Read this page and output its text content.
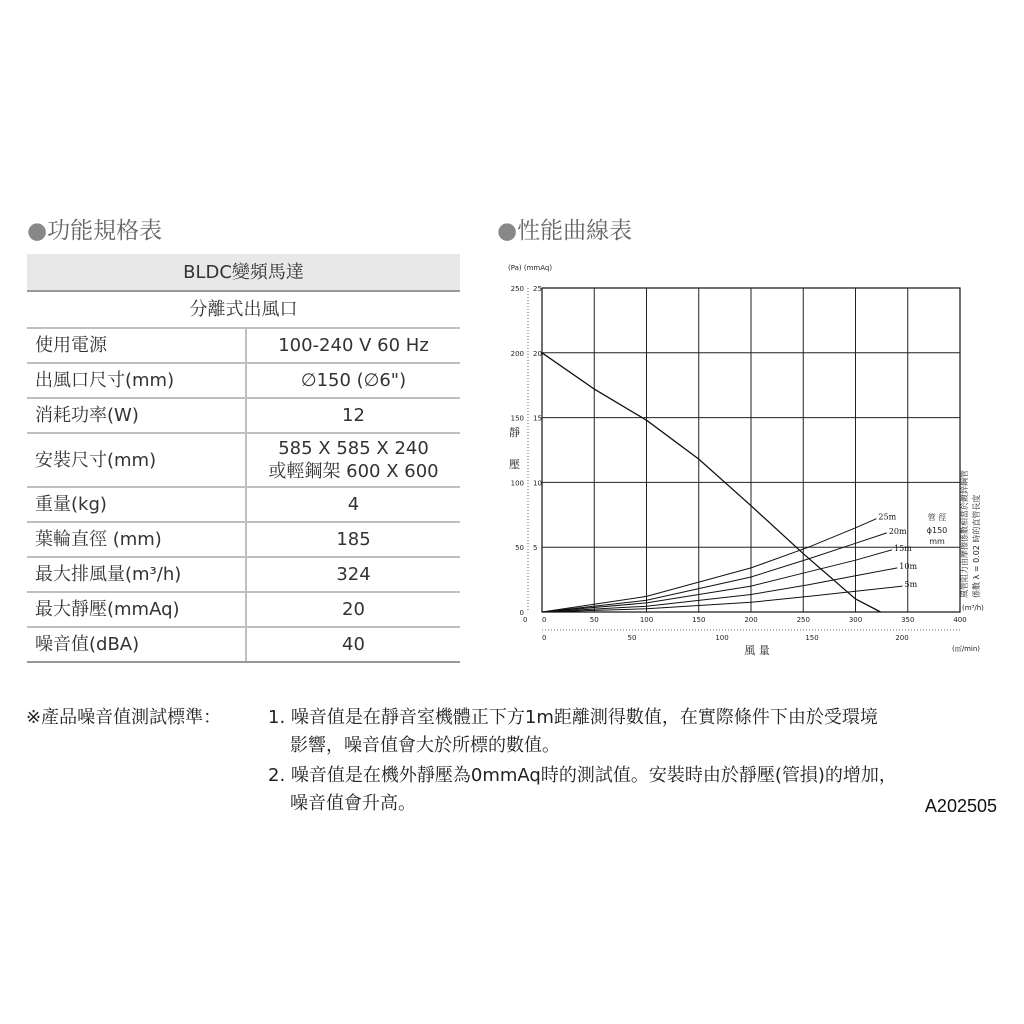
●功能規格表	●性能曲線表
BLDC變頻馬達	
分離式出風口	
使用電源	100-240 V 60 Hz
出風口尺寸(mm)	∅150 (∅6")
消耗功率(W)	12
安裝尺寸(mm)	585 X 585 X 240
或輕鋼架 600 X 600

重量(kg)	4
葉輪直徑 (mm)	185
最大排風量(m³/h)	324
最大靜壓(mmAq)	20
噪音值(dBA)	40
(Pa) (mmAq)
250
200
150
100
50
0
25
20
15
10
5
靜
壓
0	50	100	150	200	250	300	350	400
0
(m³/h)
0	50	100	150	200
(㎥/min)
風 量
25m
20m
15m
10m
5m
管 徑
ɸ150
mm 風管阻力由摩擦係數相當於鍍鋅鋼管 係數 λ = 0.02 時的直管長度
※產品噪音值測試標準：	1. 噪音值是在靜音室機體正下方1m距離測得數值，在實際條件下由於受環境
影響，噪音值會大於所標的數值。
2. 噪音值是在機外靜壓為0mmAq時的測試值。安裝時由於靜壓(管損)的增加，
噪音值會升高。	A202505
